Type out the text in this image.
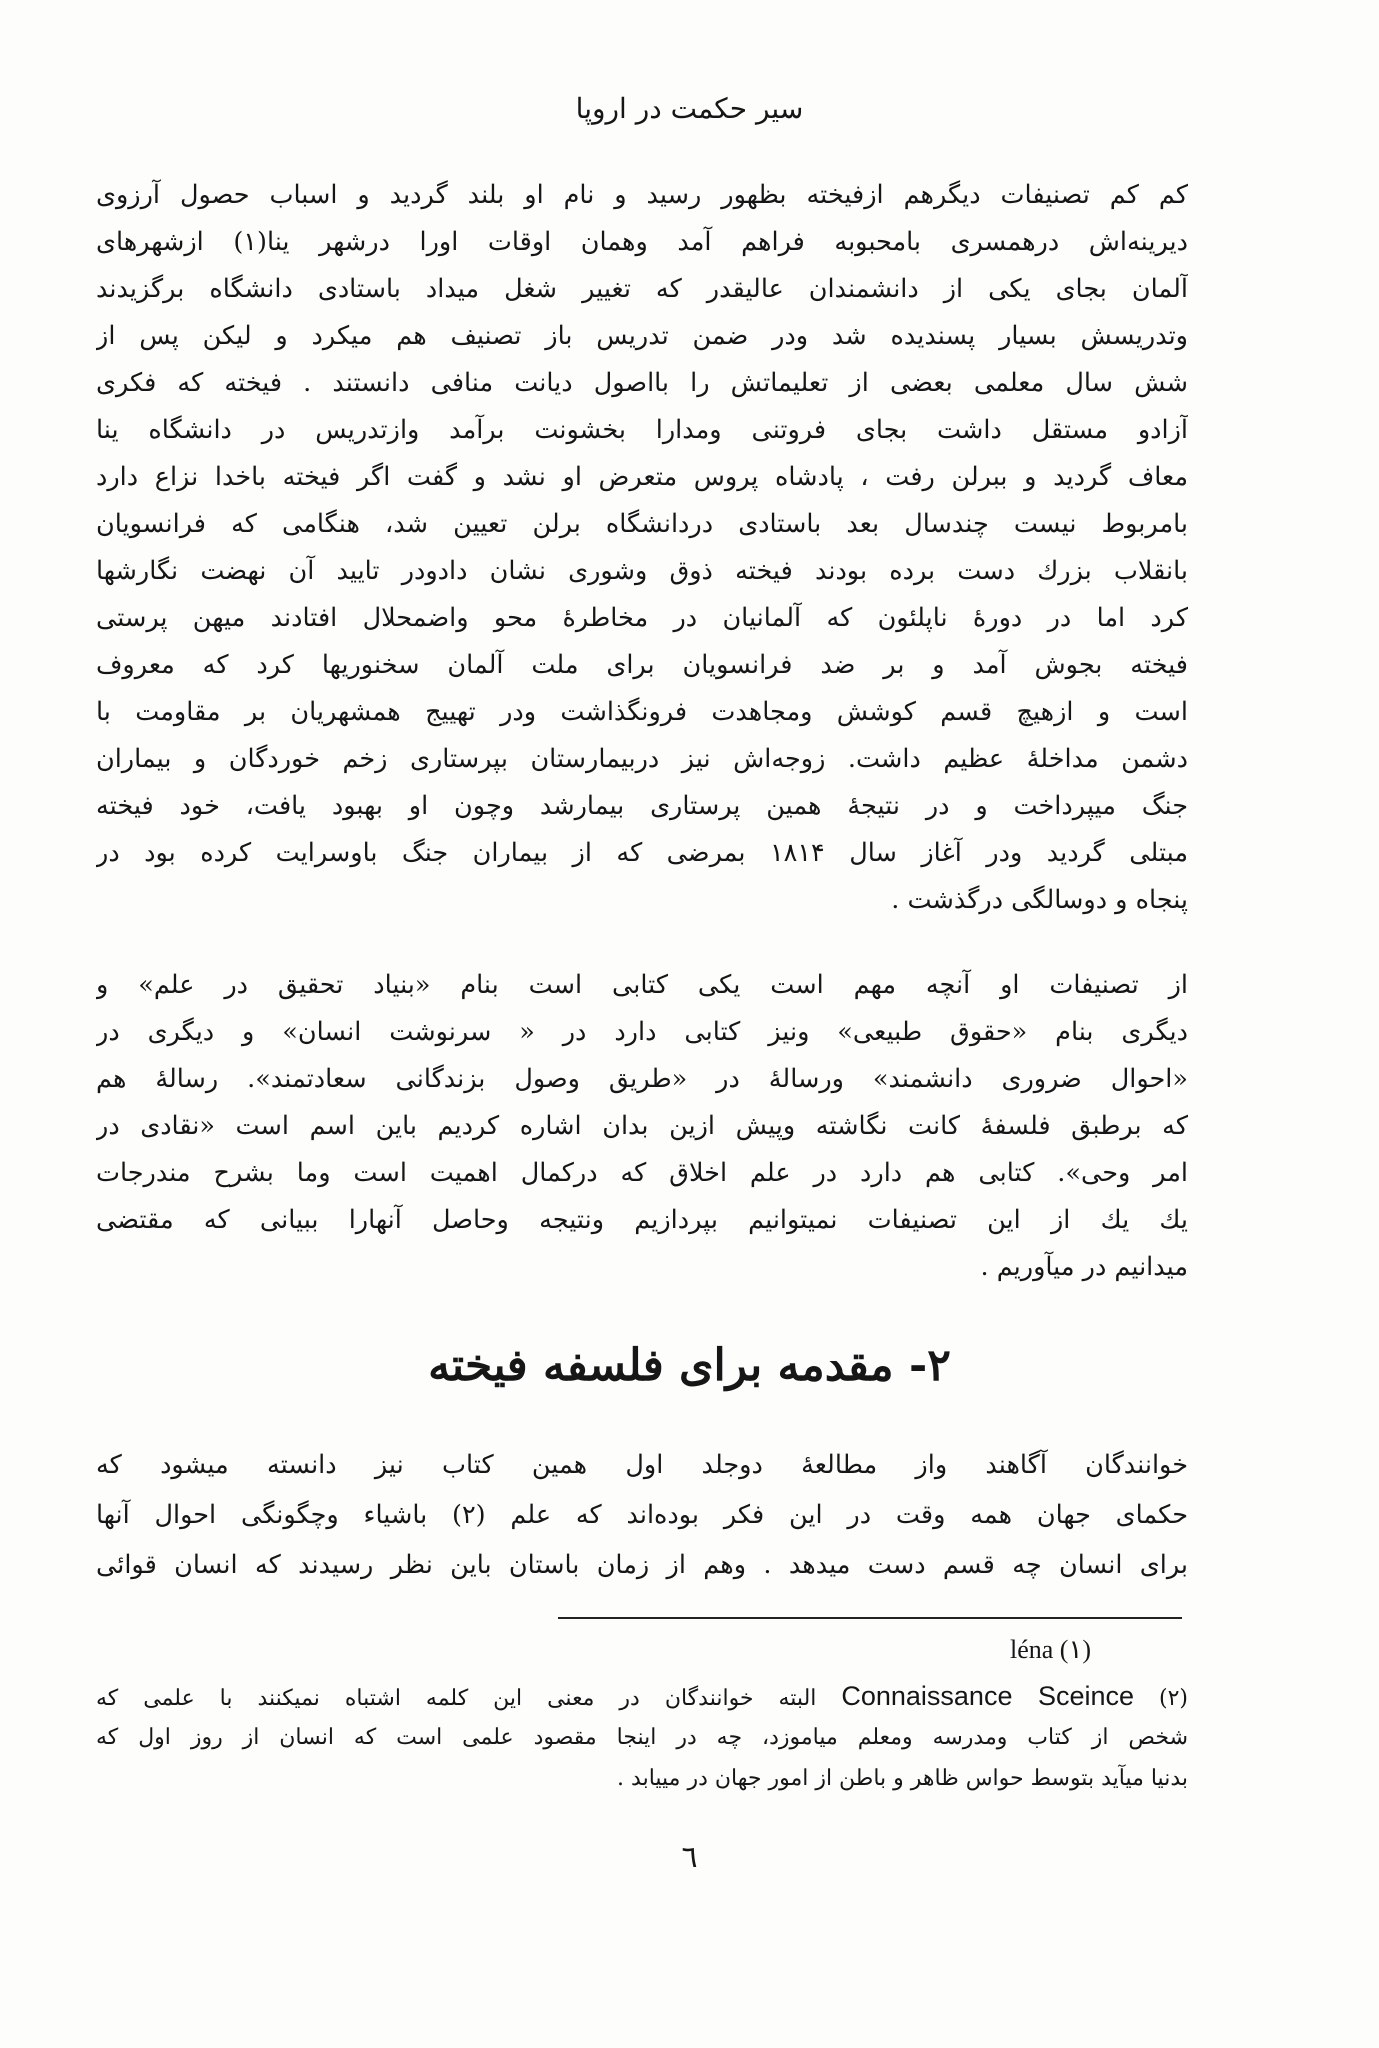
سیر حکمت در اروپا
کم کم تصنیفات دیگرهم ازفیخته بظهور رسید و نام او بلند گردید و اسباب حصول آرزوی
دیرینه‌اش درهمسری بامحبوبه فراهم آمد وهمان اوقات اورا درشهر ینا(۱) ازشهرهای
آلمان بجای یکی از دانشمندان عالیقدر که تغییر شغل میداد باستادی دانشگاه برگزیدند
وتدریسش بسیار پسندیده شد ودر ضمن تدریس باز تصنیف هم میکرد و لیکن پس از
شش سال معلمی بعضی از تعلیماتش را بااصول دیانت منافی دانستند . فیخته که فکری
آزادو مستقل داشت بجای فروتنی ومدارا بخشونت برآمد وازتدریس در دانشگاه ینا
معاف گردید و ببرلن رفت ، پادشاه پروس متعرض او نشد و گفت اگر فیخته باخدا نزاع دارد
بامربوط نیست چندسال بعد باستادی دردانشگاه برلن تعیین شد، هنگامی که فرانسویان
بانقلاب بزرك دست برده بودند فیخته ذوق وشوری نشان دادودر تایید آن نهضت نگارشها
کرد اما در دورهٔ ناپلئون که آلمانیان در مخاطرهٔ محو واضمحلال افتادند میهن پرستی
فیخته بجوش آمد و بر ضد فرانسویان برای ملت آلمان سخنوریها کرد که معروف
است و ازهیچ قسم کوشش ومجاهدت فرونگذاشت ودر تهییج همشهریان بر مقاومت با
دشمن مداخلهٔ عظیم داشت. زوجه‌اش نیز دربیمارستان بپرستاری زخم خوردگان و بیماران
جنگ میپرداخت و در نتیجهٔ همین پرستاری بیمارشد وچون او بهبود یافت، خود فیخته
مبتلی گردید ودر آغاز سال ۱۸۱۴ بمرضی که از بیماران جنگ باوسرایت کرده بود در
پنجاه و دوسالگی درگذشت .
از تصنیفات او آنچه مهم است یکی کتابی است بنام «بنیاد تحقیق در علم» و
دیگری بنام «حقوق طبیعی» ونیز کتابی دارد در « سرنوشت انسان» و دیگری در
«احوال ضروری دانشمند» ورسالهٔ در «طریق وصول بزندگانی سعادتمند». رسالهٔ هم
که برطبق فلسفهٔ کانت نگاشته وپیش ازین بدان اشاره کردیم باین اسم است «نقادی در
امر وحی». کتابی هم دارد در علم اخلاق که درکمال اهمیت است وما بشرح مندرجات
یك یك از این تصنیفات نمیتوانیم بپردازیم ونتیجه وحاصل آنهارا ببیانی که مقتضی
میدانیم در میآوریم .
۲- مقدمه برای فلسفه فیخته
خوانندگان آگاهند واز مطالعهٔ دوجلد اول همین کتاب نیز دانسته میشود که
حکمای جهان همه وقت در این فکر بوده‌اند که علم (۲) باشیاء وچگونگی احوال آنها
برای انسان چه قسم دست میدهد . وهم از زمان باستان باین نظر رسیدند که انسان قوائی
léna (۱)
(۲) Connaissance Sceince البته خوانندگان در معنی این کلمه اشتباه نمیکنند با علمی که
شخص از کتاب ومدرسه ومعلم میاموزد، چه در اینجا مقصود علمی است که انسان از روز اول که
بدنیا میآید بتوسط حواس ظاهر و باطن از امور جهان در مییابد .
٦
